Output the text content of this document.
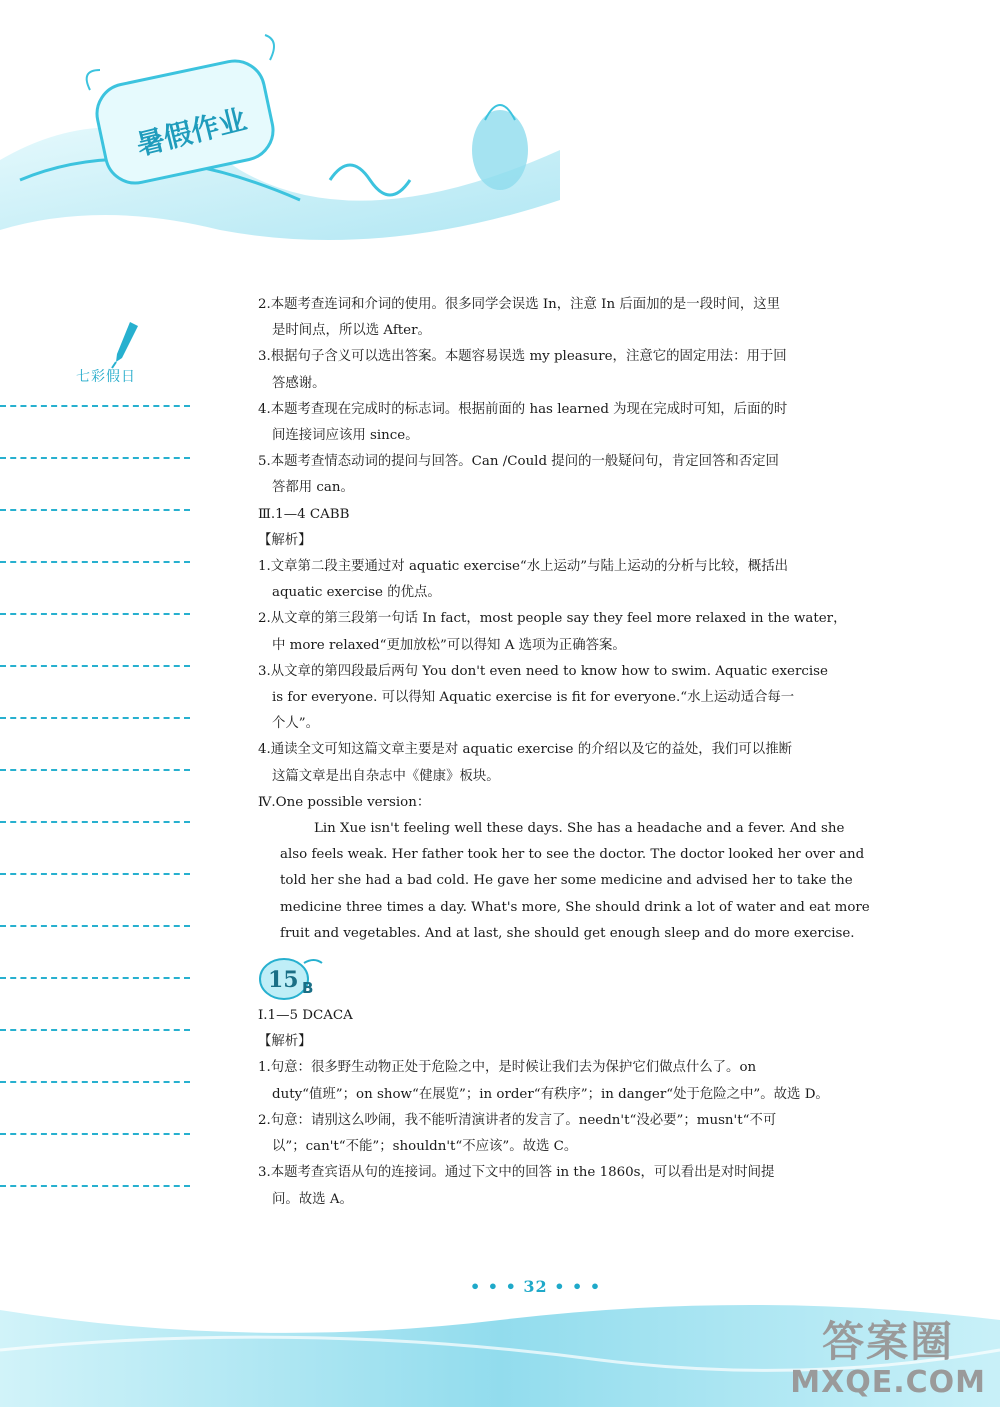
暑假作业
七彩假日
2.本题考查连词和介词的使用。很多同学会误选 In，注意 In 后面加的是一段时间，这里
是时间点，所以选 After。
3.根据句子含义可以选出答案。本题容易误选 my pleasure，注意它的固定用法：用于回
答感谢。
4.本题考查现在完成时的标志词。根据前面的 has learned 为现在完成时可知，后面的时
间连接词应该用 since。
5.本题考查情态动词的提问与回答。Can /Could 提问的一般疑问句，肯定回答和否定回
答都用 can。
Ⅲ.1—4 CABB
【解析】
1.文章第二段主要通过对 aquatic exercise“水上运动”与陆上运动的分析与比较，概括出
aquatic exercise 的优点。
2.从文章的第三段第一句话 In fact，most people say they feel more relaxed in the water，
中 more relaxed“更加放松”可以得知 A 选项为正确答案。
3.从文章的第四段最后两句 You don't even need to know how to swim. Aquatic exercise
is for everyone. 可以得知 Aquatic exercise is fit for everyone.“水上运动适合每一
个人”。
4.通读全文可知这篇文章主要是对 aquatic exercise 的介绍以及它的益处，我们可以推断
这篇文章是出自杂志中《健康》板块。
Ⅳ.One possible version：
Lin Xue isn't feeling well these days. She has a headache and a fever. And she
also feels weak. Her father took her to see the doctor. The doctor looked her over and
told her she had a bad cold. He gave her some medicine and advised her to take the
medicine three times a day. What's more, She should drink a lot of water and eat more
fruit and vegetables. And at last, she should get enough sleep and do more exercise.
15 B
Ⅰ.1—5 DCACA
【解析】
1.句意：很多野生动物正处于危险之中，是时候让我们去为保护它们做点什么了。on
duty“值班”；on show“在展览”；in order“有秩序”；in danger“处于危险之中”。故选 D。
2.句意：请别这么吵闹，我不能听清演讲者的发言了。needn't“没必要”；musn't“不可
以”；can't“不能”；shouldn't“不应该”。故选 C。
3.本题考查宾语从句的连接词。通过下文中的回答 in the 1860s，可以看出是对时间提
问。故选 A。
• • • 32 • • •
答案圈
MXQE.COM
